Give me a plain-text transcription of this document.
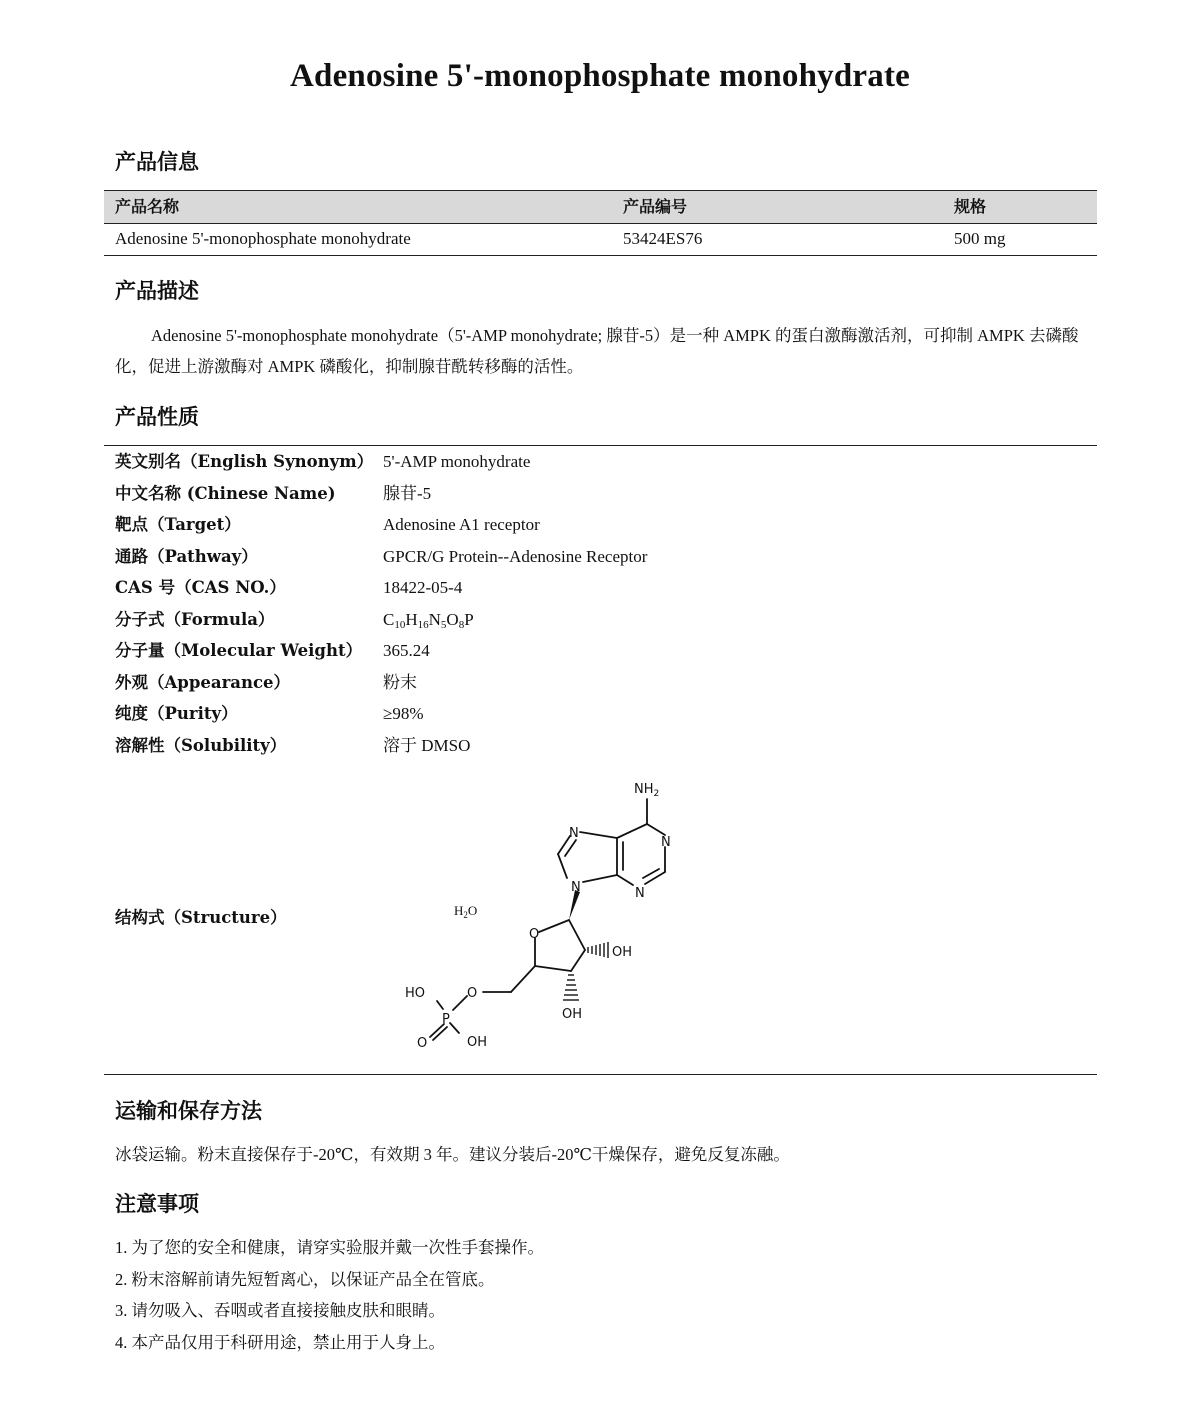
Adenosine 5'-monophosphate monohydrate
产品信息
产品名称	产品编号	规格
Adenosine 5'-monophosphate monohydrate	53424ES76	500 mg
产品描述
Adenosine 5'-monophosphate monohydrate（5'-AMP monohydrate; 腺苷-5）是一种 AMPK 的蛋白激酶激活剂，可抑制 AMPK 去磷酸化，促进上游激酶对 AMPK 磷酸化，抑制腺苷酰转移酶的活性。
产品性质
英文别名（English Synonym） 5'-AMP monohydrate
中文名称 (Chinese Name)	腺苷-5
靶点（Target）	Adenosine A1 receptor
通路（Pathway）	GPCR/G Protein--Adenosine Receptor
CAS 号（CAS NO.）	18422-05-4
分子式（Formula）	$C_{10}H_{16}N_5O_8P$
分子量（Molecular Weight） 365.24
外观（Appearance）	粉末
纯度（Purity）	≥98%
溶解性（Solubility）	溶于 DMSO
结构式（Structure）
$NH_2$
N
N
N
N
O
OH
OH
O
HO
P
O	OH
$H_2O$
运输和保存方法
冰袋运输。粉末直接保存于-20℃，有效期 3 年。建议分装后-20℃干燥保存，避免反复冻融。
注意事项
1. 为了您的安全和健康，请穿实验服并戴一次性手套操作。
2. 粉末溶解前请先短暂离心，以保证产品全在管底。
3. 请勿吸入、吞咽或者直接接触皮肤和眼睛。
4. 本产品仅用于科研用途，禁止用于人身上。
